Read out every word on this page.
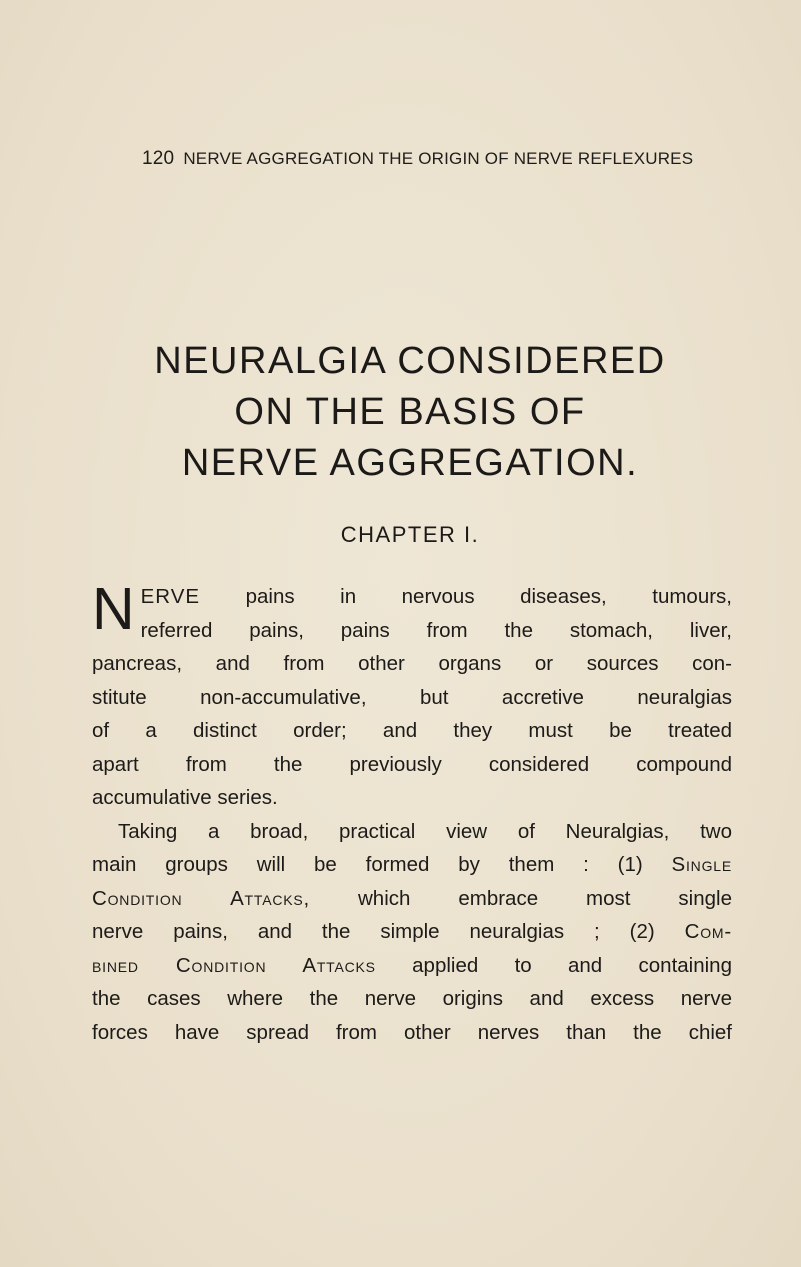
120 NERVE AGGREGATION THE ORIGIN OF NERVE REFLEXURES
NEURALGIA CONSIDERED
ON THE BASIS OF
NERVE AGGREGATION.
CHAPTER I.
N ERVE pains in nervous diseases, tumours,
referred pains, pains from the stomach, liver,
pancreas, and from other organs or sources con-
stitute non-accumulative, but accretive neuralgias
of a distinct order; and they must be treated
apart from the previously considered compound
accumulative series.
Taking a broad, practical view of Neuralgias, two
main groups will be formed by them : (1) Single
Condition Attacks, which embrace most single
nerve pains, and the simple neuralgias ; (2) Com-
bined Condition Attacks applied to and containing
the cases where the nerve origins and excess nerve
forces have spread from other nerves than the chief
